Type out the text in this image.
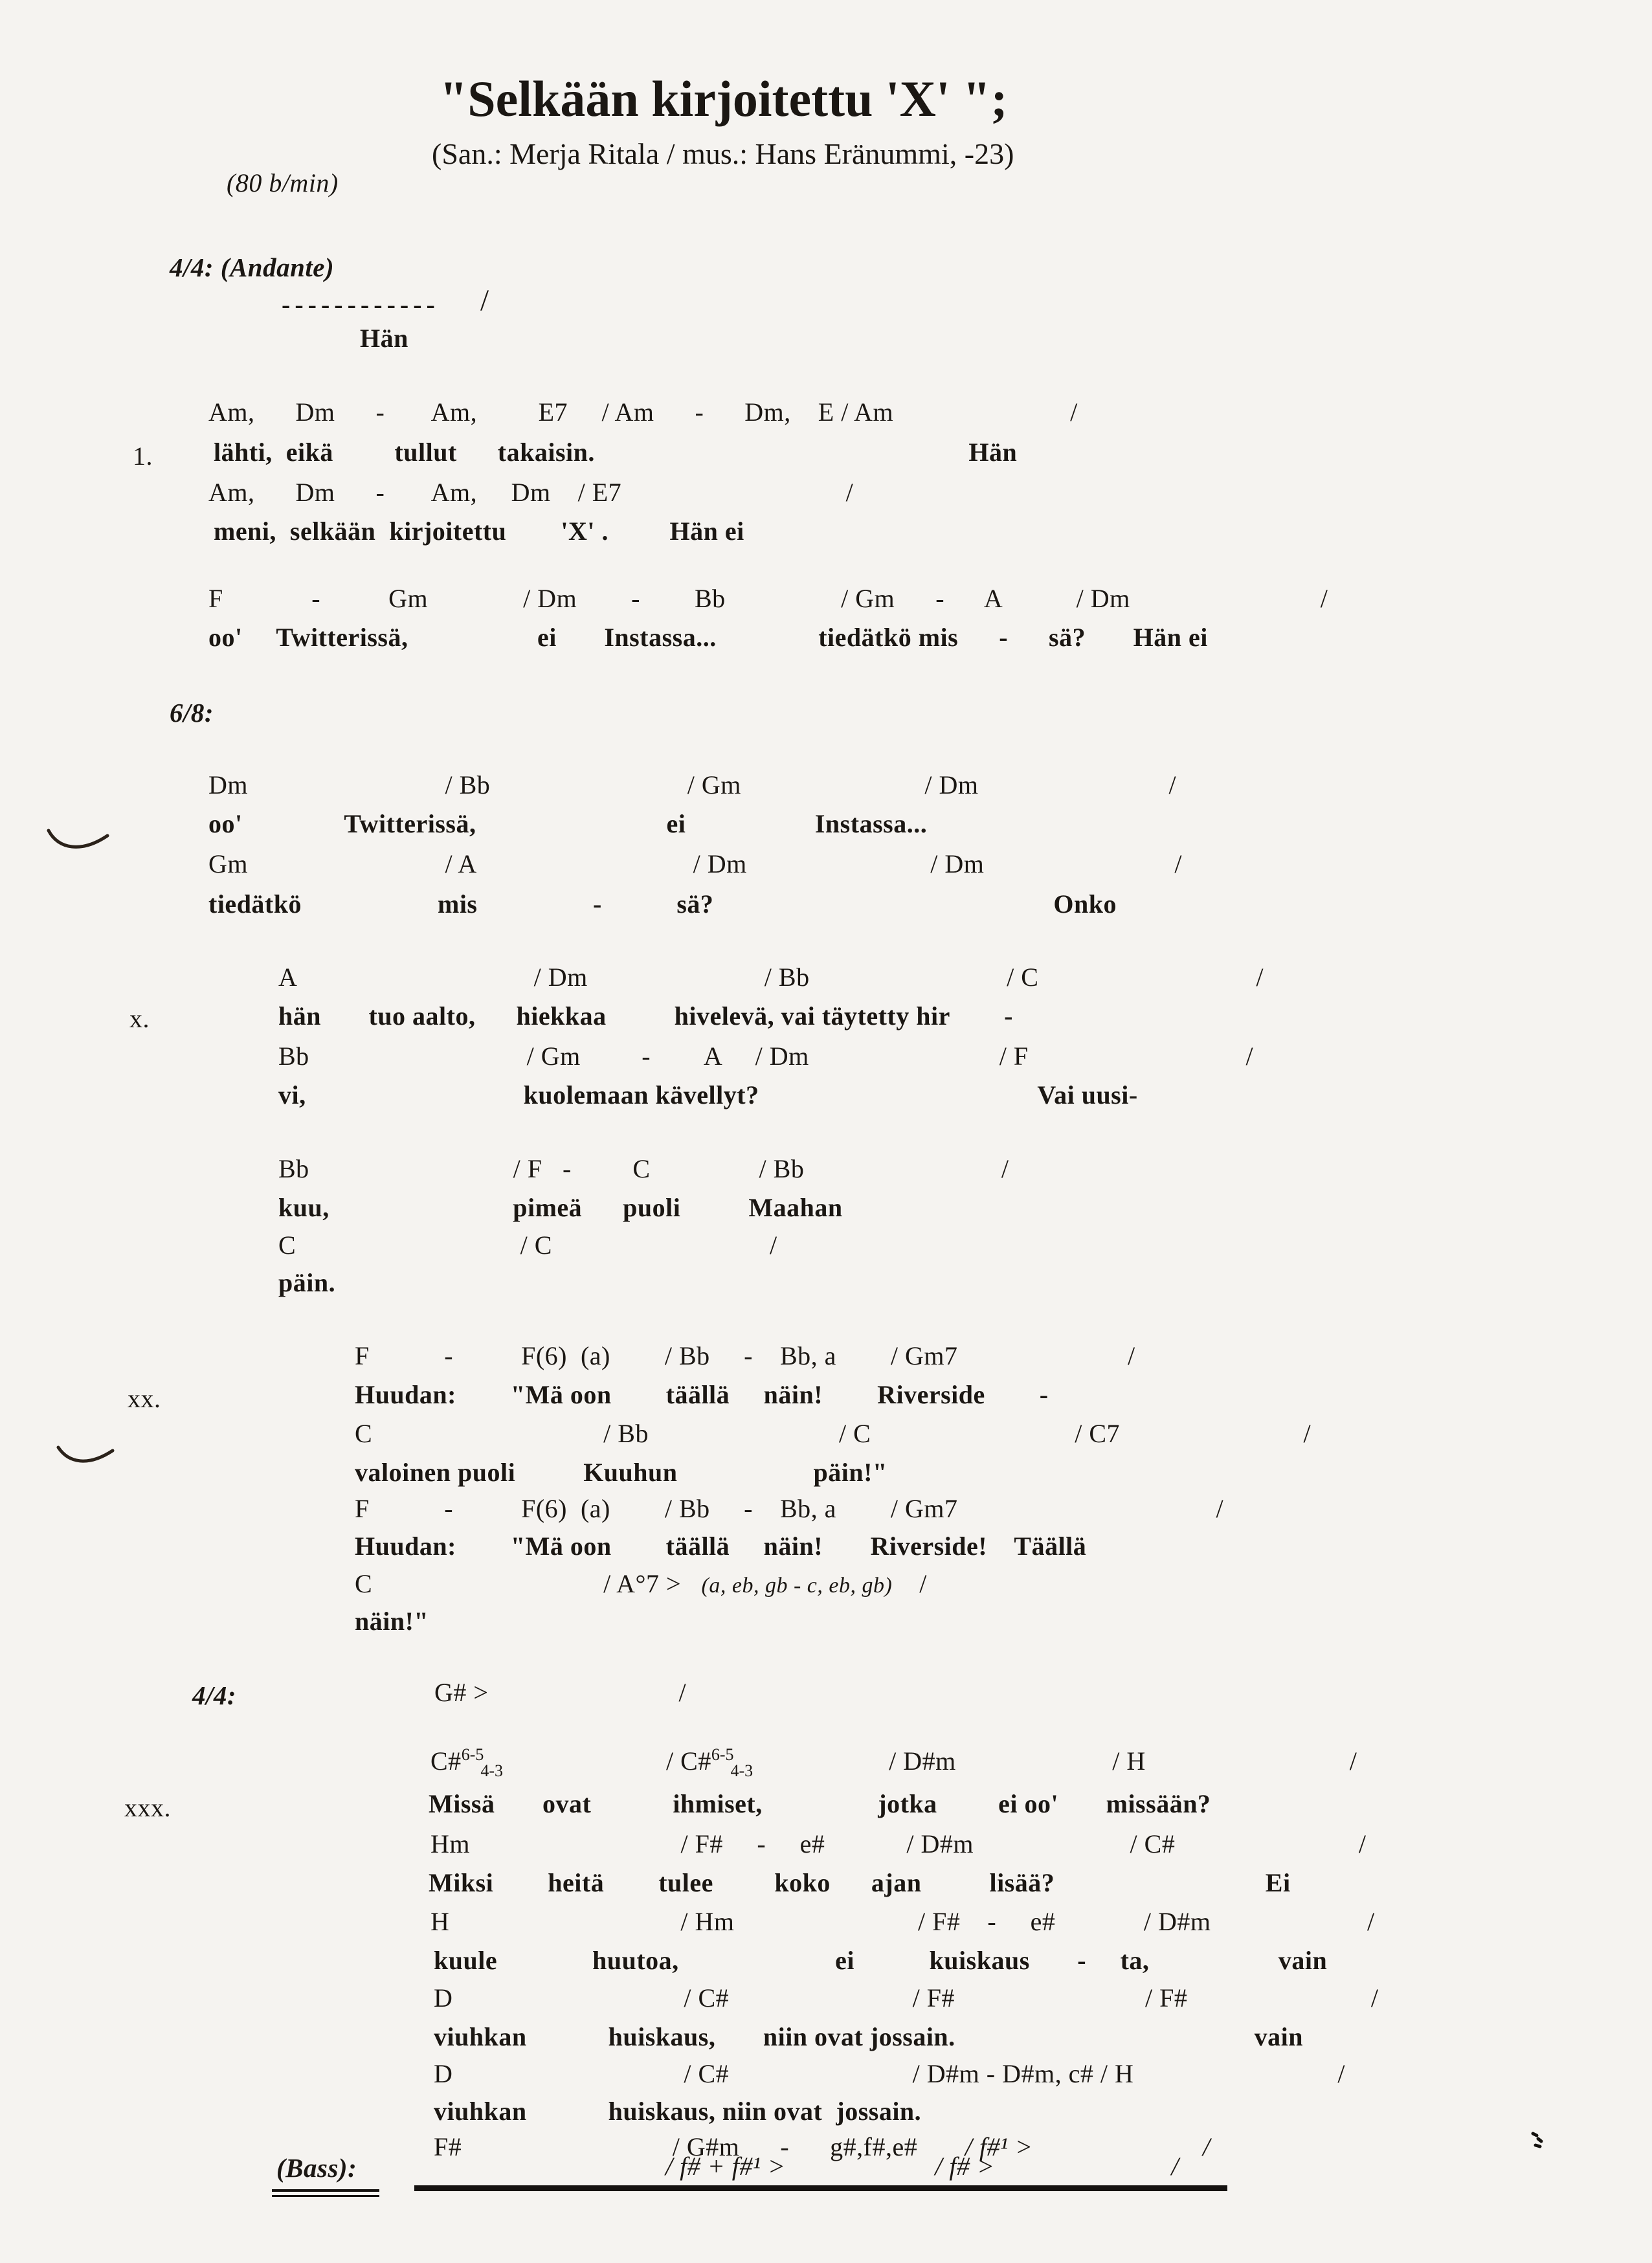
"Selkään kirjoitettu 'X' ";
(San.: Merja Ritala / mus.: Hans Eränummi, -23)
(80 b/min)
4/4: (Andante)
------------ /
Hän
Am,      Dm      -       Am,         E7     / Am      -      Dm,    E / Am                          /
1. lähti,  eikä         tullut      takaisin.                                                       Hän
Am,      Dm      -       Am,     Dm    / E7                                 /
meni,  selkään  kirjoitettu        'X' .         Hän ei
F             -          Gm              / Dm        -        Bb                 / Gm      -      A           / Dm                            /
oo'     Twitterissä,                   ei       Instassa...               tiedätkö mis      -      sä?       Hän ei
6/8:
Dm                             / Bb                             / Gm                           / Dm                            /
oo'               Twitterissä,                            ei                   Instassa...
Gm                             / A                                / Dm                           / Dm                            /
tiedätkö                    mis                 -           sä?                                                  Onko
A                                   / Dm                          / Bb                             / C                                /
x.	hän       tuo aalto,      hiekkaa          hivelevä, vai täytetty hir        -
Bb                                / Gm         -        A     / Dm                            / F                                /
vi,                                kuolemaan kävellyt?                                         Vai uusi-
Bb                              / F   -         C                / Bb                             /
kuu,                           pimeä      puoli          Maahan
C                                 / C                                /
päin.
F           -          F(6)  (a)        / Bb     -    Bb, a        / Gm7                         /
xx.	Huudan:        "Mä oon        täällä     näin!        Riverside        -
C                                  / Bb                            / C                              / C7                           /
valoinen puoli          Kuuhun                    päin!"
F           -          F(6)  (a)        / Bb     -    Bb, a        / Gm7                                      /
Huudan:        "Mä oon        täällä     näin!       Riverside!    Täällä
C                                  / A°7 >   (a, eb, gb - c, eb, gb)    /
näin!"
4/4:	G# >                            /
C#$^{6-5}_{4-3}$                        / C#$^{6-5}_{4-3}$                    / D#m                       / H                              /
xxx.	Missä       ovat            ihmiset,                 jotka         ei oo'       missään?
Hm                               / F#     -     e#            / D#m                       / C#                           /
Miksi        heitä        tulee         koko      ajan          lisää?                               Ei
H                                  / Hm                           / F#    -     e#             / D#m                       /
kuule              huutoa,                       ei           kuiskaus       -     ta,                   vain
D                                  / C#                           / F#                            / F#                           /
viuhkan            huiskaus,       niin ovat jossain.                                            vain
D                                  / C#                           / D#m - D#m, c# / H                              /
viuhkan            huiskaus, niin ovat  jossain.
F#                               / G#m      -      g#,f#,e#       / f#¹ >                         /
(Bass):	/ f# + f#¹ >                      / f# >                          /
